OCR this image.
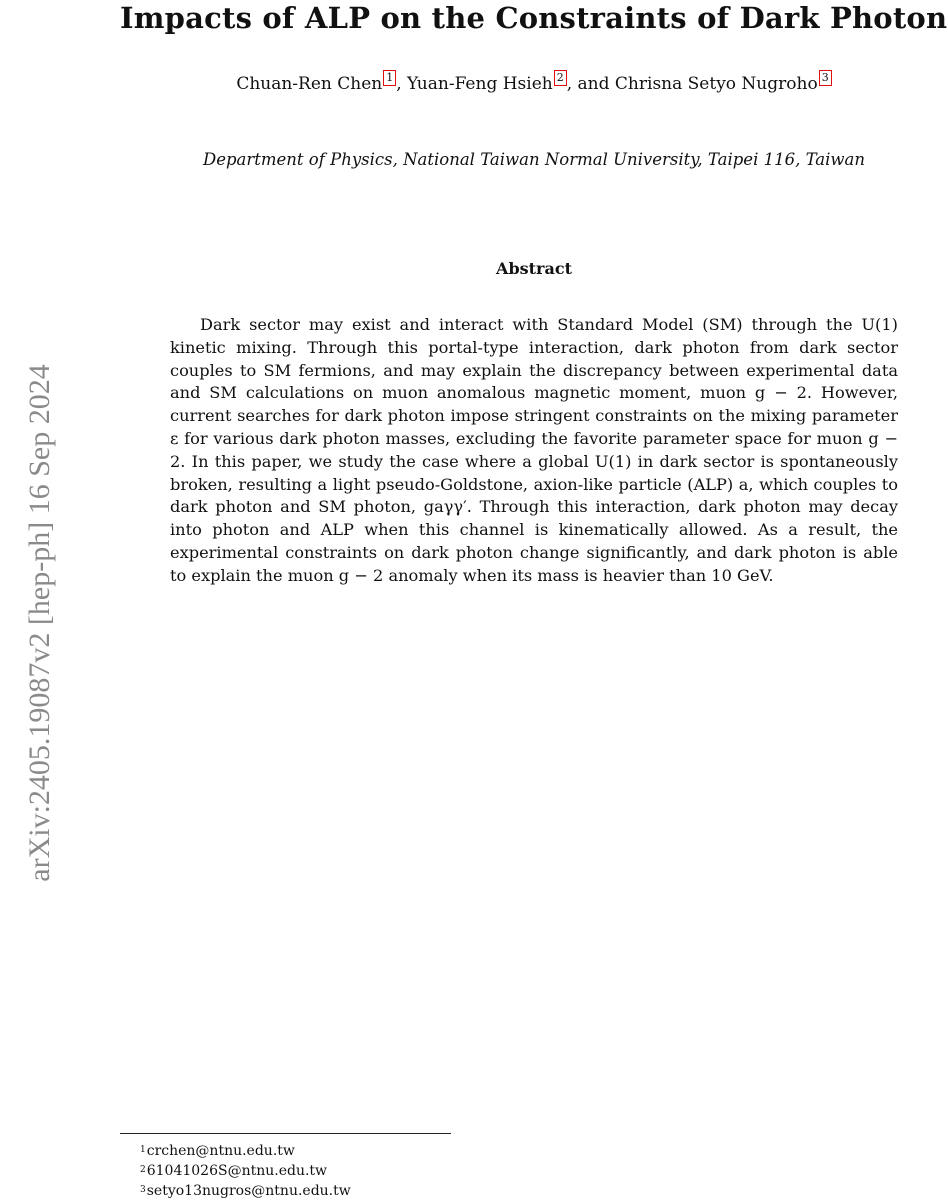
Impacts of ALP on the Constraints of Dark Photon
Chuan-Ren Chen 1 , Yuan-Feng Hsieh 2 , and Chrisna Setyo Nugroho 3
Department of Physics, National Taiwan Normal University, Taipei 116, Taiwan
Abstract
Dark sector may exist and interact with Standard Model (SM) through the U(1) kinetic mixing. Through this portal-type interaction, dark photon from dark sector couples to SM fermions, and may explain the discrepancy between experimental data and SM calculations on muon anomalous magnetic moment, muon g − 2. However, current searches for dark photon impose stringent constraints on the mixing parameter ε for various dark photon masses, excluding the favorite parameter space for muon g − 2. In this paper, we study the case where a global U(1) in dark sector is spontaneously broken, resulting a light pseudo-Goldstone, axion-like particle (ALP) a, which couples to dark photon and SM photon, gaγγ′. Through this interaction, dark photon may decay into photon and ALP when this channel is kinematically allowed. As a result, the experimental constraints on dark photon change significantly, and dark photon is able to explain the muon g − 2 anomaly when its mass is heavier than 10 GeV.
arXiv:2405.19087v2 [hep-ph] 16 Sep 2024
$^1$crchen@ntnu.edu.tw
$^2$61041026S@ntnu.edu.tw
$^3$setyo13nugros@ntnu.edu.tw
